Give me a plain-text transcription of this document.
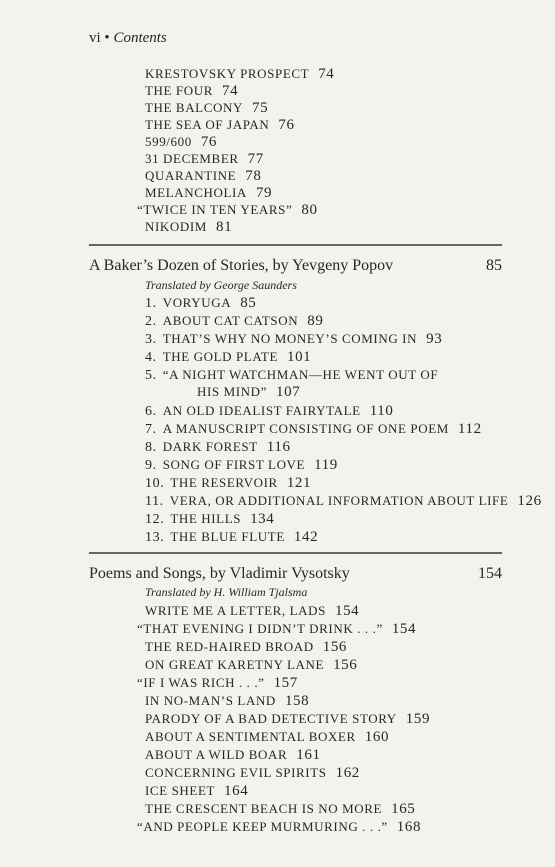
vi • Contents
KRESTOVSKY PROSPECT 74
THE FOUR 74
THE BALCONY 75
THE SEA OF JAPAN 76
599/600 76
31 DECEMBER 77
QUARANTINE 78
MELANCHOLIA 79
“TWICE IN TEN YEARS” 80
NIKODIM 81
A Baker’s Dozen of Stories, by Yevgeny Popov	85
Translated by George Saunders
1. VORYUGA 85
2. ABOUT CAT CATSON 89
3. THAT’S WHY NO MONEY’S COMING IN 93
4. THE GOLD PLATE 101
5. “A NIGHT WATCHMAN—HE WENT OUT OF
HIS MIND” 107
6. AN OLD IDEALIST FAIRYTALE 110
7. A MANUSCRIPT CONSISTING OF ONE POEM 112
8. DARK FOREST 116
9. SONG OF FIRST LOVE 119
10. THE RESERVOIR 121
11. VERA, OR ADDITIONAL INFORMATION ABOUT LIFE 126
12. THE HILLS 134
13. THE BLUE FLUTE 142
Poems and Songs, by Vladimir Vysotsky	154
Translated by H. William Tjalsma
WRITE ME A LETTER, LADS 154
“THAT EVENING I DIDN’T DRINK . . .” 154
THE RED-HAIRED BROAD 156
ON GREAT KARETNY LANE 156
“IF I WAS RICH . . .” 157
IN NO-MAN’S LAND 158
PARODY OF A BAD DETECTIVE STORY 159
ABOUT A SENTIMENTAL BOXER 160
ABOUT A WILD BOAR 161
CONCERNING EVIL SPIRITS 162
ICE SHEET 164
THE CRESCENT BEACH IS NO MORE 165
“AND PEOPLE KEEP MURMURING . . .” 168
